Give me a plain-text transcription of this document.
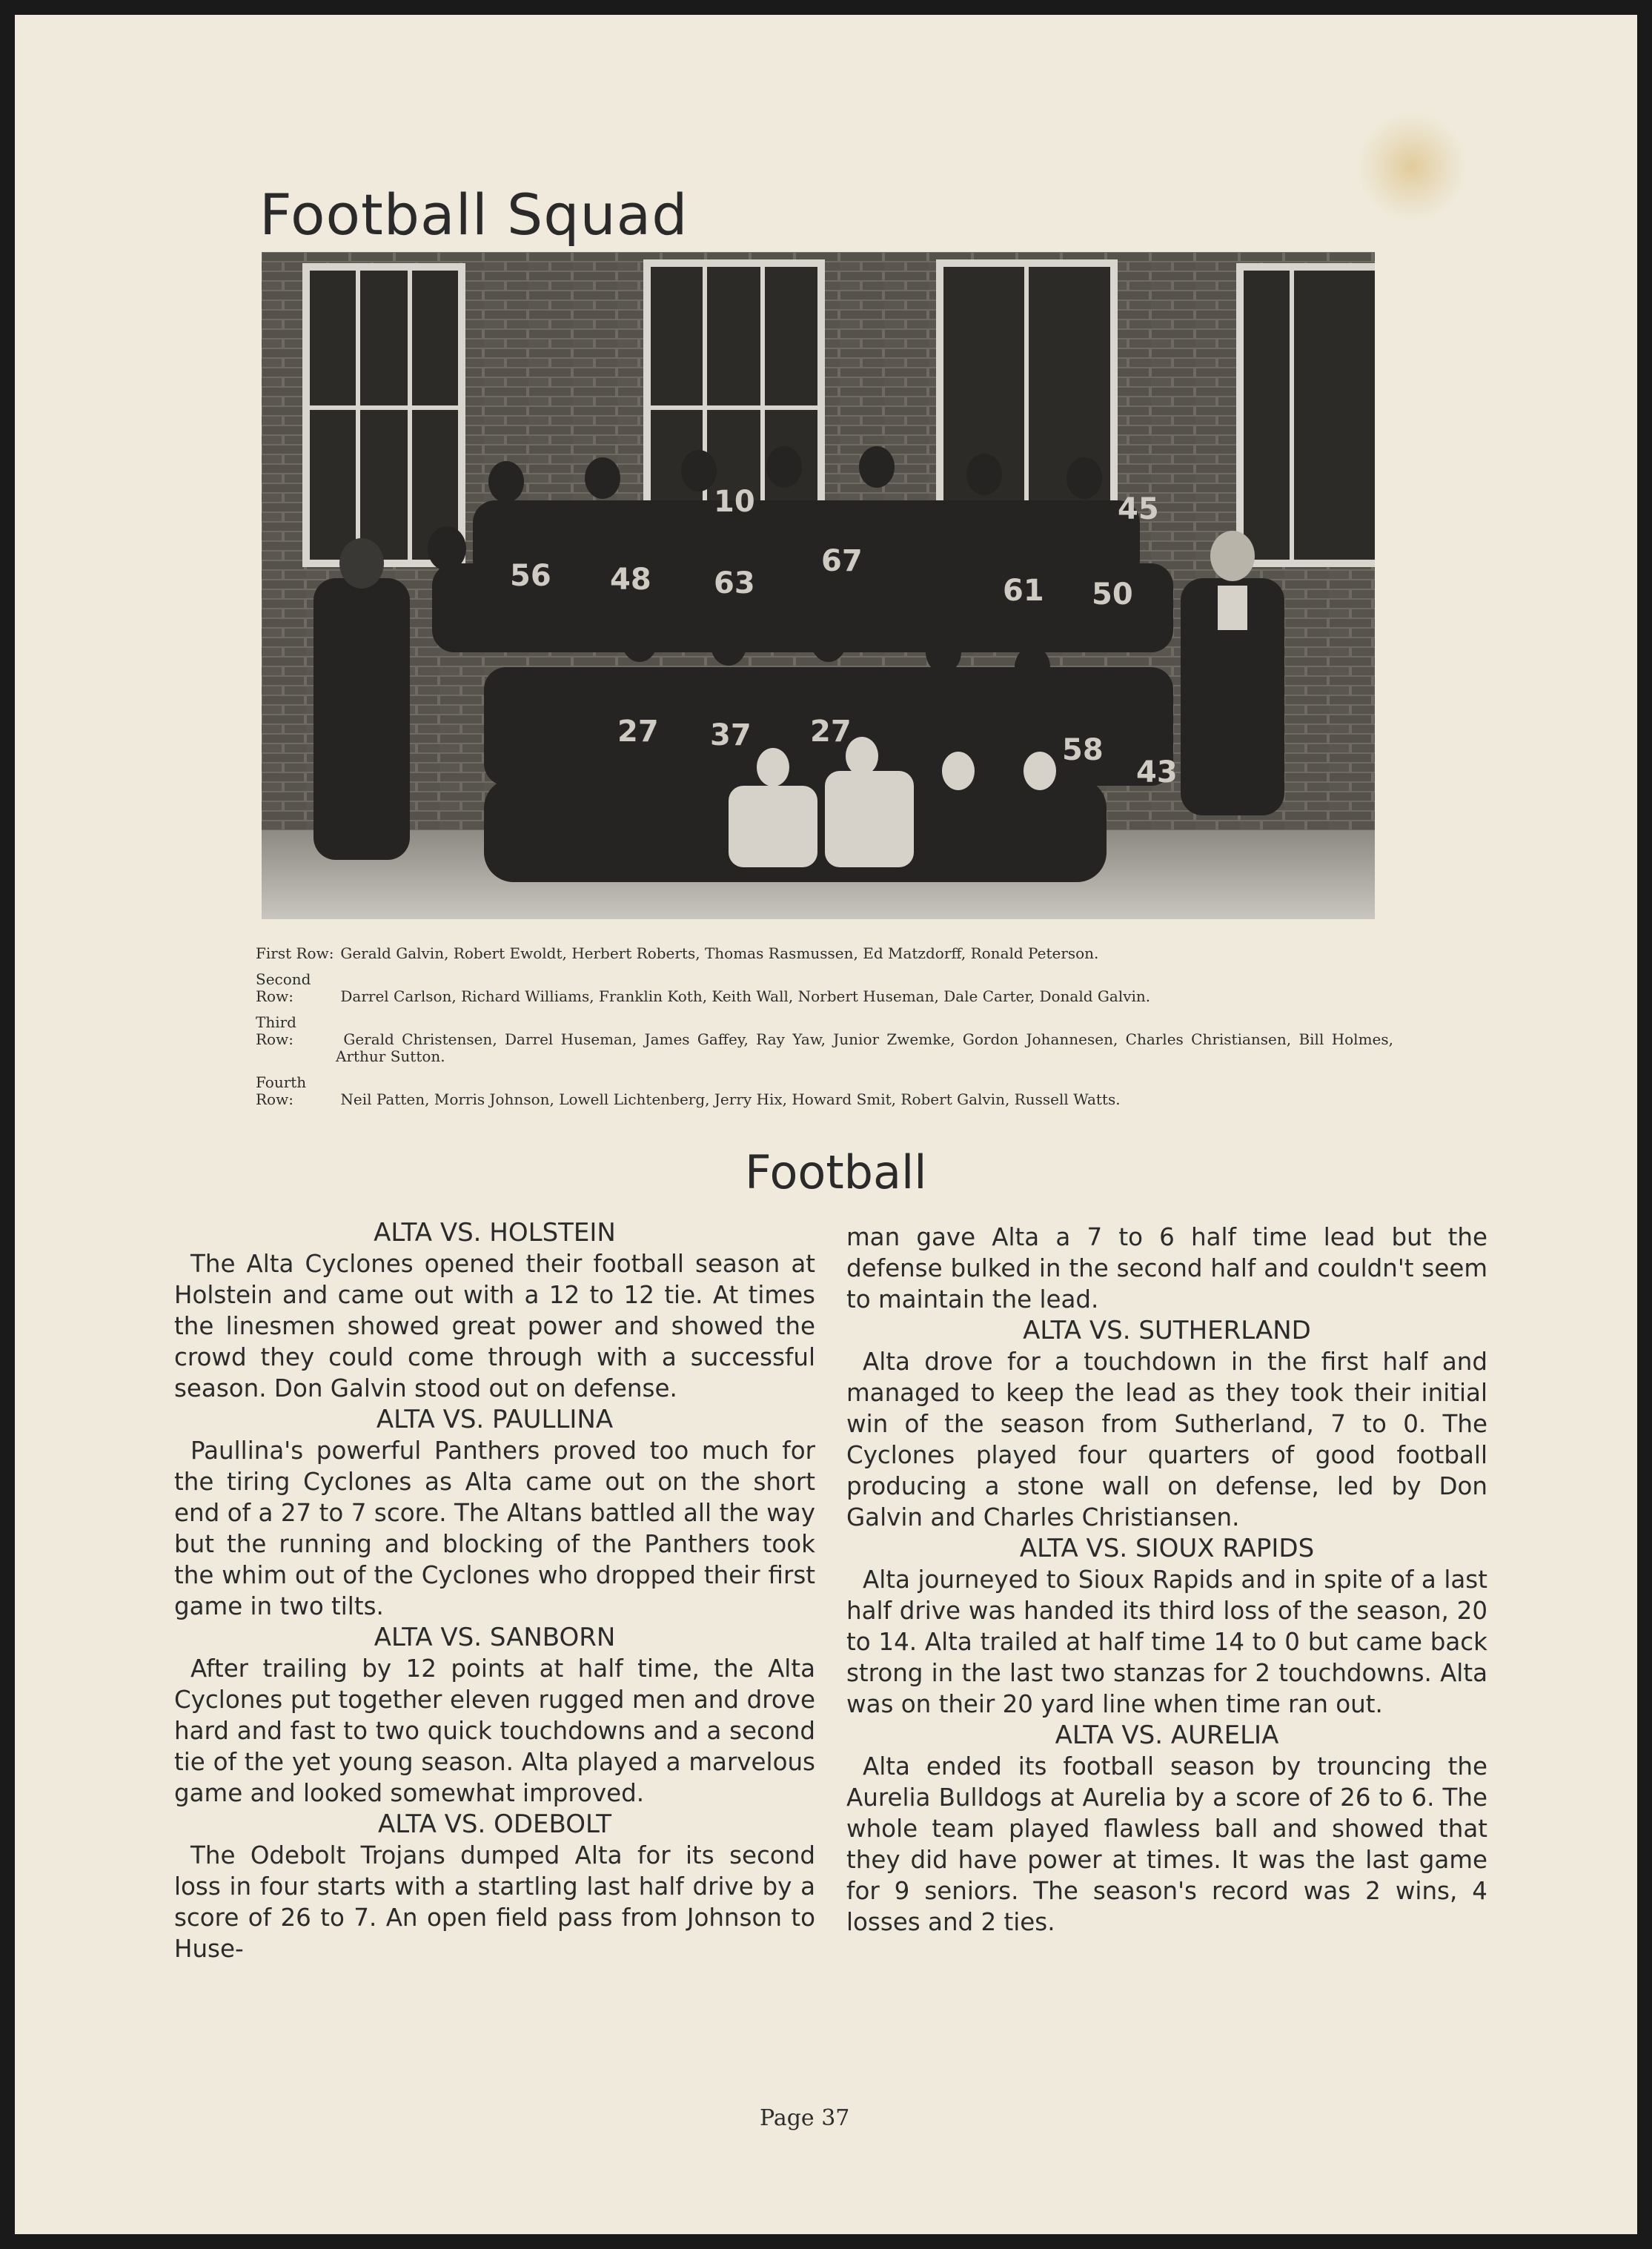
Football Squad
56 48 63
67
61 50
27 37 27
58
43
10	45
First Row: Gerald Galvin, Robert Ewoldt, Herbert Roberts, Thomas Rasmussen, Ed Matzdorff, Ronald Peterson.
Second Row:	Darrel Carlson, Richard Williams, Franklin Koth, Keith Wall, Norbert Huseman, Dale Carter, Donald Galvin.
Third Row:	Gerald Christensen, Darrel Huseman, James Gaffey, Ray Yaw, Junior Zwemke, Gordon Johannesen, Charles Christiansen, Bill Holmes, Arthur Sutton.
Fourth Row:	Neil Patten, Morris Johnson, Lowell Lichtenberg, Jerry Hix, Howard Smit, Robert Galvin, Russell Watts.
Football
ALTA VS. HOLSTEIN

The Alta Cyclones opened their football season at Holstein and came out with a 12 to 12 tie. At times the linesmen showed great power and showed the crowd they could come through with a successful season. Don Galvin stood out on defense.

ALTA VS. PAULLINA

Paullina's powerful Panthers proved too much for the tiring Cyclones as Alta came out on the short end of a 27 to 7 score. The Altans battled all the way but the running and blocking of the Panthers took the whim out of the Cyclones who dropped their first game in two tilts.

ALTA VS. SANBORN

After trailing by 12 points at half time, the Alta Cyclones put together eleven rugged men and drove hard and fast to two quick touchdowns and a second tie of the yet young season. Alta played a marvelous game and looked somewhat improved.

ALTA VS. ODEBOLT

The Odebolt Trojans dumped Alta for its second loss in four starts with a startling last half drive by a score of 26 to 7. An open field pass from Johnson to Huse-

man gave Alta a 7 to 6 half time lead but the defense bulked in the second half and couldn't seem to maintain the lead.

ALTA VS. SUTHERLAND

Alta drove for a touchdown in the first half and managed to keep the lead as they took their initial win of the season from Sutherland, 7 to 0. The Cyclones played four quarters of good football producing a stone wall on defense, led by Don Galvin and Charles Christiansen.

ALTA VS. SIOUX RAPIDS

Alta journeyed to Sioux Rapids and in spite of a last half drive was handed its third loss of the season, 20 to 14. Alta trailed at half time 14 to 0 but came back strong in the last two stanzas for 2 touchdowns. Alta was on their 20 yard line when time ran out.

ALTA VS. AURELIA

Alta ended its football season by trouncing the Aurelia Bulldogs at Aurelia by a score of 26 to 6. The whole team played flawless ball and showed that they did have power at times. It was the last game for 9 seniors. The season's record was 2 wins, 4 losses and 2 ties.

Page 37
